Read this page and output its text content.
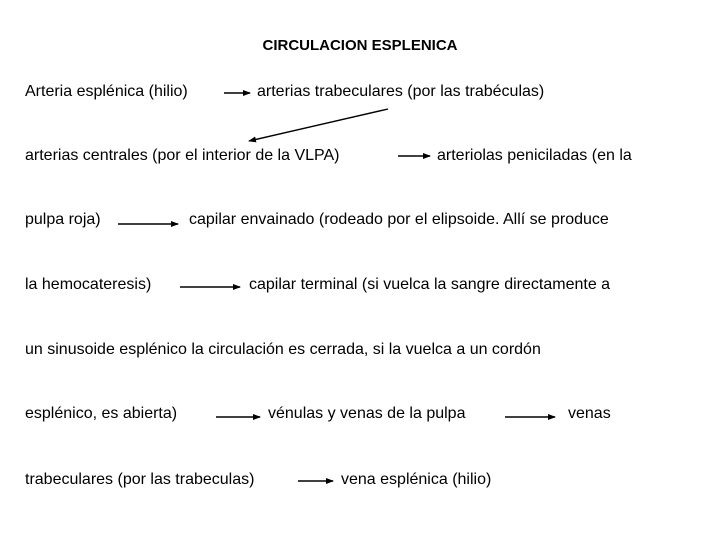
CIRCULACION ESPLENICA
Arteria esplénica (hilio)	arterias trabeculares (por las trabéculas)
arterias centrales (por el interior de la VLPA)	arteriolas peniciladas (en la
pulpa roja)	capilar envainado (rodeado por el elipsoide. Allí se produce
la hemocateresis)	capilar terminal (si vuelca la sangre directamente a
un sinusoide esplénico la circulación es cerrada, si la vuelca a un cordón
esplénico, es abierta)	vénulas y venas de la pulpa	venas
trabeculares (por las trabeculas)	vena esplénica (hilio)
